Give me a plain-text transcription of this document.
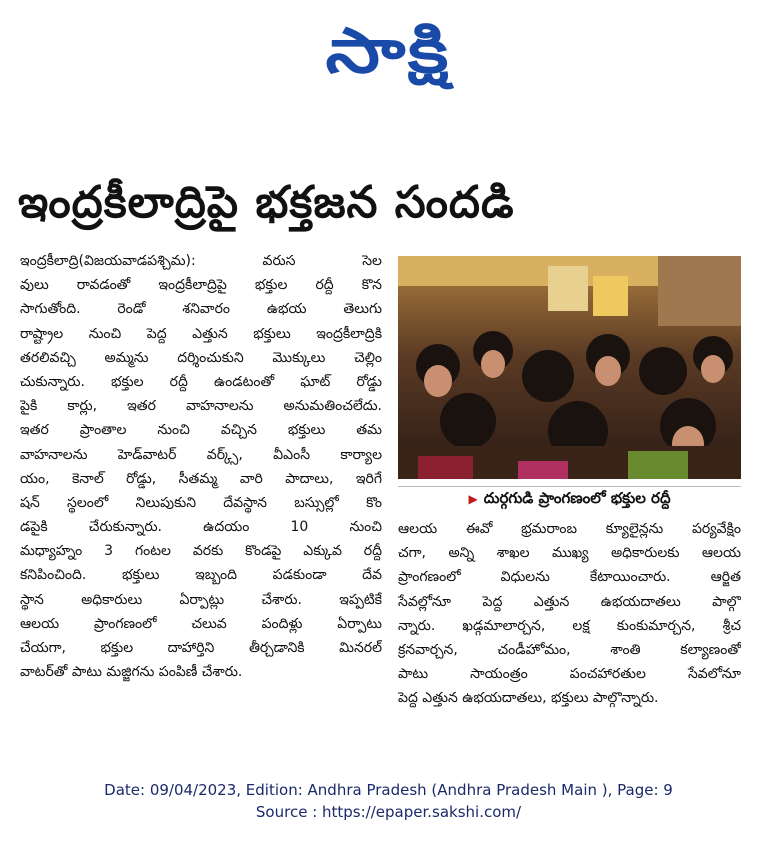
సాక్షి
ఇంద్రకీలాద్రిపై భక్తజన సందడి
ఇంద్రకీలాద్రి(విజయవాడపశ్చిమ): వరుస సెల
వులు రావడంతో ఇంద్రకీలాద్రిపై భక్తుల రద్దీ కొన
సాగుతోంది. రెండో శనివారం ఉభయ తెలుగు
రాష్ట్రాల నుంచి పెద్ద ఎత్తున భక్తులు ఇంద్రకీలాద్రికి
తరలివచ్చి అమ్మను దర్శించుకుని మొక్కులు చెల్లిం
చుకున్నారు. భక్తుల రద్దీ ఉండటంతో ఘాట్ రోడ్డు
పైకి కార్లు, ఇతర వాహనాలను అనుమతించలేదు.
ఇతర ప్రాంతాల నుంచి వచ్చిన భక్తులు తమ
వాహనాలను హెడ్‌వాటర్ వర్క్స్, వీఎంసీ కార్యాల
యం, కెనాల్ రోడ్డు, సీతమ్మ వారి పాదాలు, ఇరిగే
షన్ స్థలంలో నిలుపుకుని దేవస్థాన బస్సుల్లో కొం
డపైకి చేరుకున్నారు. ఉదయం 10 నుంచి
మధ్యాహ్నం 3 గంటల వరకు కొండపై ఎక్కువ రద్దీ
కనిపించింది. భక్తులు ఇబ్బంది పడకుండా దేవ
స్థాన అధికారులు ఏర్పాట్లు చేశారు. ఇప్పటికే
ఆలయ ప్రాంగణంలో చలువ పందిళ్లు ఏర్పాటు
చేయగా, భక్తుల దాహార్తిని తీర్చడానికి మినరల్
వాటర్‌తో పాటు మజ్జిగను పంపిణీ చేశారు.
▶ దుర్గగుడి ప్రాంగణంలో భక్తుల రద్దీ
ఆలయ ఈవో భ్రమరాంబ క్యూలైన్లను పర్యవేక్షిం
చగా, అన్ని శాఖల ముఖ్య అధికారులకు ఆలయ
ప్రాంగణంలో విధులను కేటాయించారు. ఆర్జిత
సేవల్లోనూ పెద్ద ఎత్తున ఉభయదాతలు పాల్గొ
న్నారు. ఖడ్గమాలార్చన, లక్ష కుంకుమార్చన, శ్రీచ
క్రనవార్చన, చండీహోమం, శాంతి కల్యాణంతో
పాటు సాయంత్రం పంచహారతుల సేవలోనూ
పెద్ద ఎత్తున ఉభయదాతలు, భక్తులు పాల్గొన్నారు.
Date: 09/04/2023, Edition: Andhra Pradesh (Andhra Pradesh Main ), Page: 9
Source : https://epaper.sakshi.com/
